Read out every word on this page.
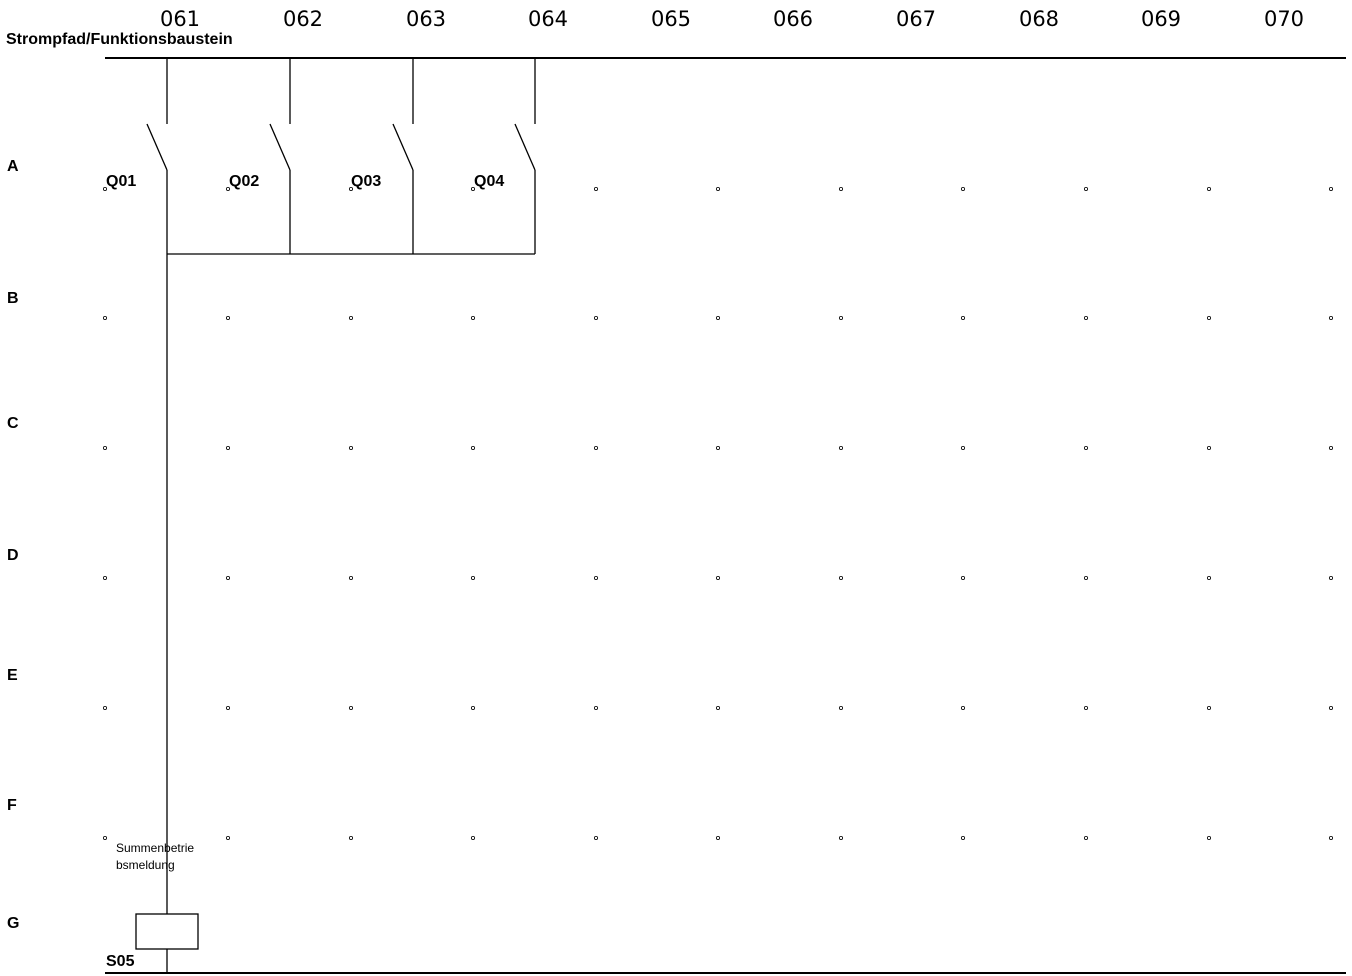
061	062	063	064	065	066	067	068	069	070
Strompfad/Funktionsbaustein
A
B
C
D
E
F
G
Q01	Q02	Q03	Q04
S05
Summenbetrie
bsmeldung
